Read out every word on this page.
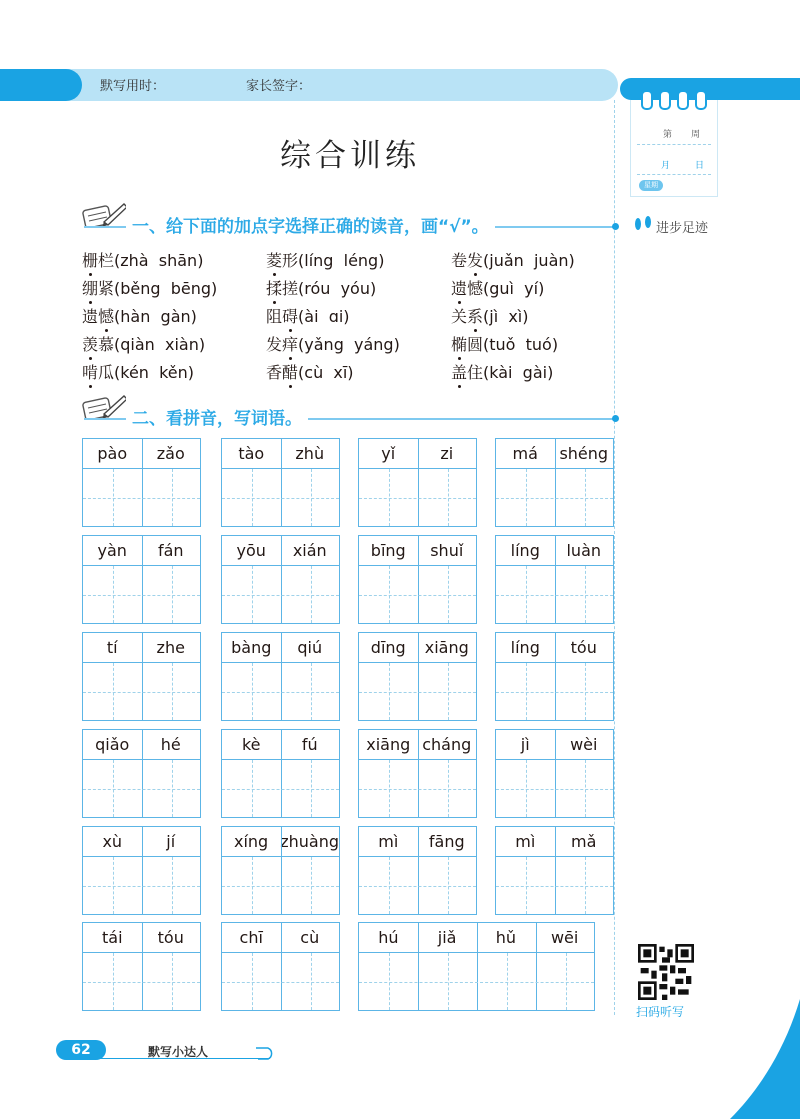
默写用时：	家长签字：
第 周
月	日
星期
进步足迹
综合训练
一、给下面的加点字选择正确的读音，画“√”。
栅栏(zhà  shān)	菱形(líng  léng)	卷发(juǎn  juàn)
绷紧(běng  bēng)	揉搓(róu  yóu)	遗憾(guì  yí)
遗憾(hàn  gàn)	阻碍(ài  ɑi)	关系(jì  xì)
羡慕(qiàn  xiàn)	发痒(yǎng  yáng)	椭圆(tuǒ  tuó)
啃瓜(kén  kěn)	香醋(cù  xī)	盖住(kài  gài)
二、看拼音，写词语。
pào	zǎo	tào	zhù	yǐ	zi	má	shéng
yàn	fán	yōu	xián	bīng	shuǐ	líng	luàn
tí	zhe	bàng	qiú	dīng	xiāng	líng	tóu
qiǎo	hé	kè	fú	xiāng cháng	jì	wèi
xù	jí	xíng zhuàng	mì	fāng	mì	mǎ
tái	tóu	chī	cù	hú	jiǎ	hǔ	wēi
扫码听写
62	默写小达人
